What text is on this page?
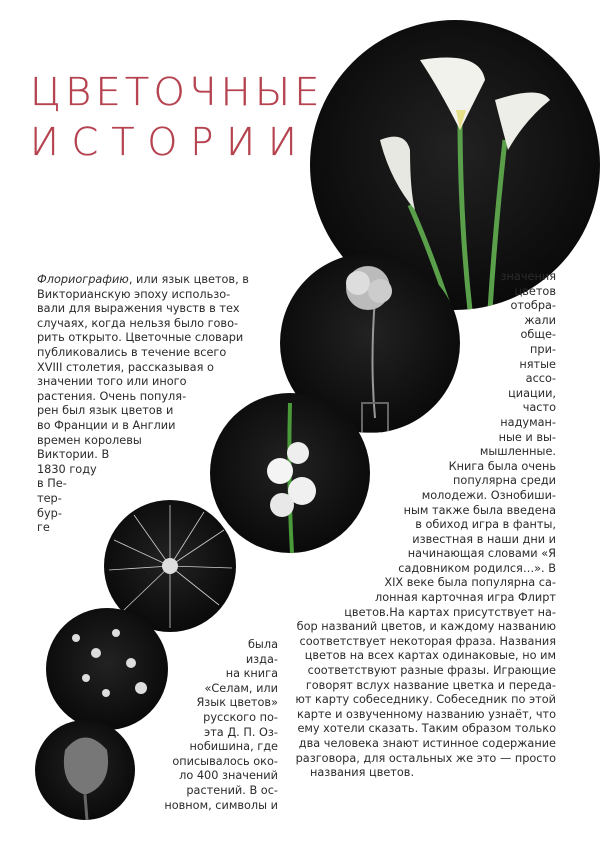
ЦВЕТОЧНЫЕ
ИСТОРИИ
Флориографию, или язык цветов, в
Викторианскую эпоху использо-
вали для выражения чувств в тех
случаях, когда нельзя было гово-
рить открыто. Цветочные словари
публиковались в течение всего
XVIII столетия, рассказывая о
значении того или иного
растения. Очень популя-
рен был язык цветов и
во Франции и в Англии
времен королевы
Виктории. В
1830 году
в Пе-
тер-
бур-
ге
значения
цветов
отобра-
жали
обще-
при-
нятые
ассо-
циации,
часто
надуман-
ные и вы-
мышленные.
Книга была очень
популярна среди
молодежи. Ознобиши-
ным также была введена
в обиход игра в фанты,
известная в наши дни и
начинающая словами «Я
садовником родился…». В
XIX веке была популярна са-
лонная карточная игра Флирт
цветов.На картах присутствует на-
бор названий цветов, и каждому названию
соответствует некоторая фраза. Названия
цветов на всех картах одинаковые, но им
соответствуют разные фразы. Играющие
говорят вслух название цветка и переда-
ют карту собеседнику. Собеседник по этой
карте и озвученному названию узнаёт, что
ему хотели сказать. Таким образом только
два человека знают истинное содержание
разговора, для остальных же это — просто
названия цветов.
была
изда-
на книга
«Селам, или
Язык цветов»
русского по-
эта Д. П. Оз-
нобишина, где
описывалось око-
ло 400 значений
растений. В ос-
новном, символы и
